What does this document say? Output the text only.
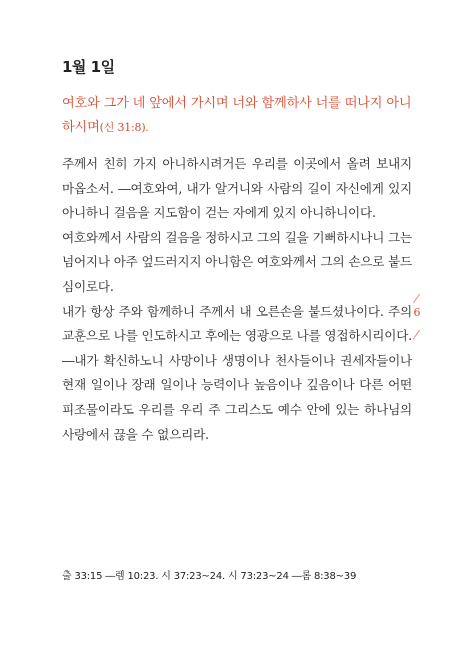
1월 1일
여호와 그가 네 앞에서 가시며 너와 함께하사 너를 떠나지 아니하시며(신 31:8).

주께서 친히 가지 아니하시려거든 우리를 이곳에서 올려 보내지 마옵소서. ―여호와여, 내가 알거니와 사람의 길이 자신에게 있지 아니하니 걸음을 지도함이 걷는 자에게 있지 아니하니이다.

여호와께서 사람의 걸음을 정하시고 그의 길을 기뻐하시나니 그는 넘어지나 아주 엎드러지지 아니함은 여호와께서 그의 손으로 붙드심이로다.

내가 항상 주와 함께하니 주께서 내 오른손을 붙드셨나이다. 주의 교훈으로 나를 인도하시고 후에는 영광으로 나를 영접하시리이다. ―내가 확신하노니 사망이나 생명이나 천사들이나 권세자들이나 현재 일이나 장래 일이나 능력이나 높음이나 깊음이나 다른 어떤 피조물이라도 우리를 우리 주 그리스도 예수 안에 있는 하나님의 사랑에서 끊을 수 없으리라.

6
출 33:15 ―렘 10:23. 시 37:23~24. 시 73:23~24 ―롬 8:38~39
